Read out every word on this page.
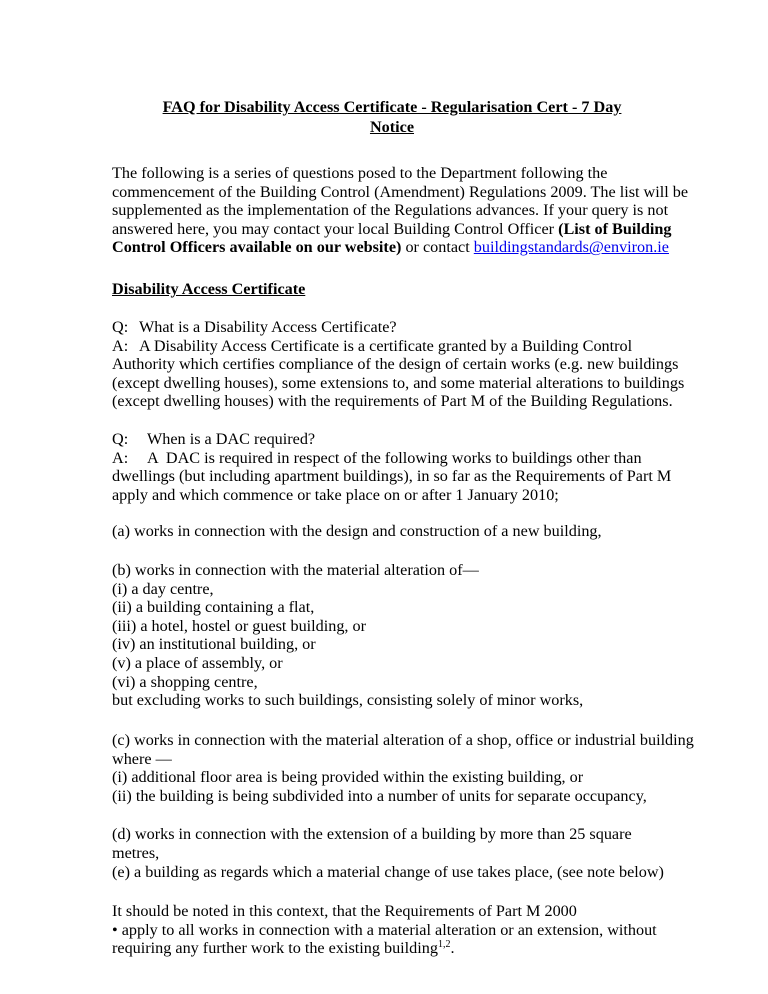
FAQ for Disability Access Certificate - Regularisation Cert - 7 Day
Notice
The following is a series of questions posed to the Department following the
commencement of the Building Control (Amendment) Regulations 2009. The list will be
supplemented as the implementation of the Regulations advances. If your query is not
answered here, you may contact your local Building Control Officer (List of Building
Control Officers available on our website) or contact buildingstandards@environ.ie
Disability Access Certificate
Q: What is a Disability Access Certificate?
A: A Disability Access Certificate is a certificate granted by a Building Control
Authority which certifies compliance of the design of certain works (e.g. new buildings
(except dwelling houses), some extensions to, and some material alterations to buildings
(except dwelling houses) with the requirements of Part M of the Building Regulations.
Q:	When is a DAC required?
A:	A  DAC is required in respect of the following works to buildings other than
dwellings (but including apartment buildings), in so far as the Requirements of Part M
apply and which commence or take place on or after 1 January 2010;
(a) works in connection with the design and construction of a new building,
(b) works in connection with the material alteration of—
(i) a day centre,
(ii) a building containing a flat,
(iii) a hotel, hostel or guest building, or
(iv) an institutional building, or
(v) a place of assembly, or
(vi) a shopping centre,
but excluding works to such buildings, consisting solely of minor works,
(c) works in connection with the material alteration of a shop, office or industrial building
where —
(i) additional floor area is being provided within the existing building, or
(ii) the building is being subdivided into a number of units for separate occupancy,
(d) works in connection with the extension of a building by more than 25 square metres,
(e) a building as regards which a material change of use takes place, (see note below)
It should be noted in this context, that the Requirements of Part M 2000
• apply to all works in connection with a material alteration or an extension, without
requiring any further work to the existing building$^{1,2}$.
